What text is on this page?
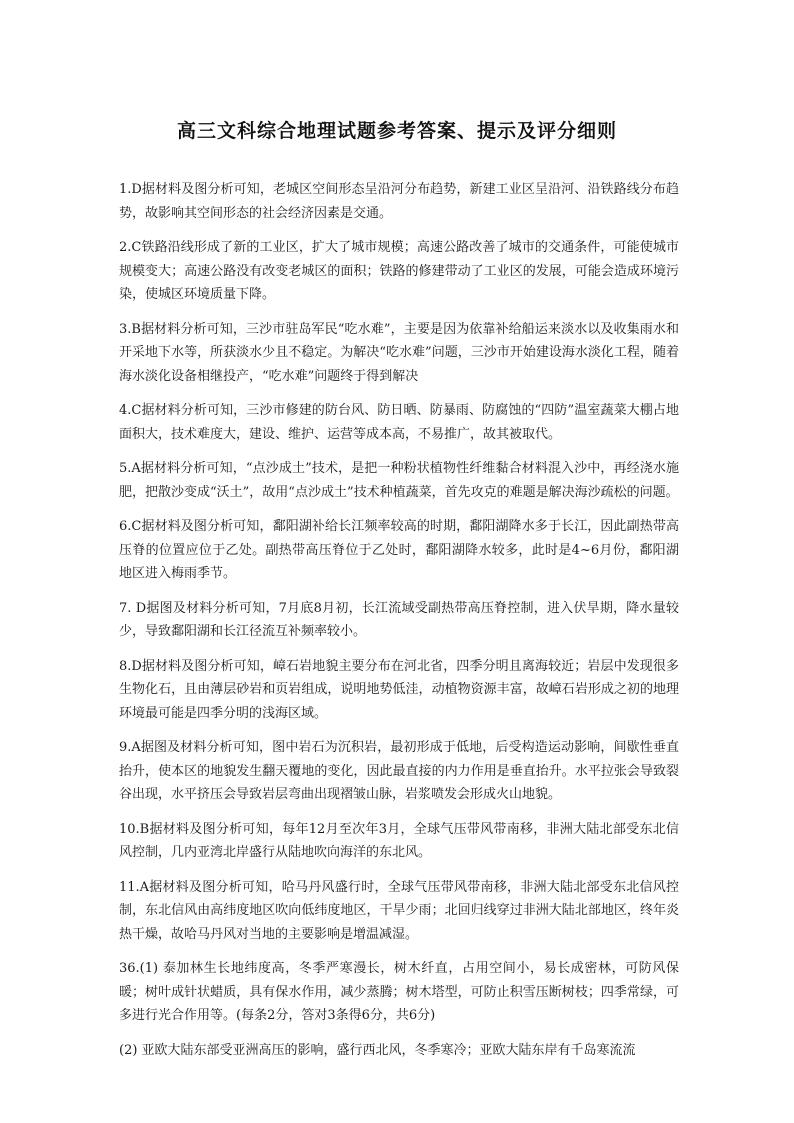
高三文科综合地理试题参考答案、提示及评分细则

1.D据材料及图分析可知，老城区空间形态呈沿河分布趋势，新建工业区呈沿河、沿铁路线分布趋势，故影响其空间形态的社会经济因素是交通。

2.C铁路沿线形成了新的工业区，扩大了城市规模；高速公路改善了城市的交通条件，可能使城市规模变大；高速公路没有改变老城区的面积；铁路的修建带动了工业区的发展，可能会造成环境污染，使城区环境质量下降。

3.B据材料分析可知，三沙市驻岛军民“吃水难”，主要是因为依靠补给船运来淡水以及收集雨水和开采地下水等，所获淡水少且不稳定。为解决“吃水难”问题，三沙市开始建设海水淡化工程，随着海水淡化设备相继投产，“吃水难”问题终于得到解决

4.C据材料分析可知，三沙市修建的防台风、防日晒、防暴雨、防腐蚀的“四防”温室蔬菜大棚占地面积大，技术难度大，建设、维护、运营等成本高，不易推广，故其被取代。

5.A据材料分析可知，“点沙成土”技术，是把一种粉状植物性纤维黏合材料混入沙中，再经浇水施肥，把散沙变成“沃土”，故用“点沙成土”技术种植蔬菜，首先攻克的难题是解决海沙疏松的问题。

6.C据材料及图分析可知，鄱阳湖补给长江频率较高的时期，鄱阳湖降水多于长江，因此副热带高压脊的位置应位于乙处。副热带高压脊位于乙处时，鄱阳湖降水较多，此时是4~6月份，鄱阳湖地区进入梅雨季节。

7. D据图及材料分析可知，7月底8月初，长江流域受副热带高压脊控制，进入伏旱期，降水量较少，导致鄱阳湖和长江径流互补频率较小。

8.D据材料及图分析可知，嶂石岩地貌主要分布在河北省，四季分明且离海较近；岩层中发现很多生物化石，且由薄层砂岩和页岩组成，说明地势低洼，动植物资源丰富，故嶂石岩形成之初的地理环境最可能是四季分明的浅海区域。

9.A据图及材料分析可知，图中岩石为沉积岩，最初形成于低地，后受构造运动影响，间歇性垂直抬升，使本区的地貌发生翻天覆地的变化，因此最直接的内力作用是垂直抬升。水平拉张会导致裂谷出现，水平挤压会导致岩层弯曲出现褶皱山脉，岩浆喷发会形成火山地貌。

10.B据材料及图分析可知，每年12月至次年3月，全球气压带风带南移，非洲大陆北部受东北信风控制，几内亚湾北岸盛行从陆地吹向海洋的东北风。

11.A据材料及图分析可知，哈马丹风盛行时，全球气压带风带南移，非洲大陆北部受东北信风控制，东北信风由高纬度地区吹向低纬度地区，干旱少雨；北回归线穿过非洲大陆北部地区，终年炎热干燥，故哈马丹风对当地的主要影响是增温减湿。

36.(1) 泰加林生长地纬度高，冬季严寒漫长，树木纤直，占用空间小，易长成密林，可防风保暖；树叶成针状蜡质，具有保水作用，减少蒸腾；树木塔型，可防止积雪压断树枝；四季常绿，可多进行光合作用等。(每条2分，答对3条得6分，共6分)

(2) 亚欧大陆东部受亚洲高压的影响，盛行西北风，冬季寒冷；亚欧大陆东岸有千岛寒流流
